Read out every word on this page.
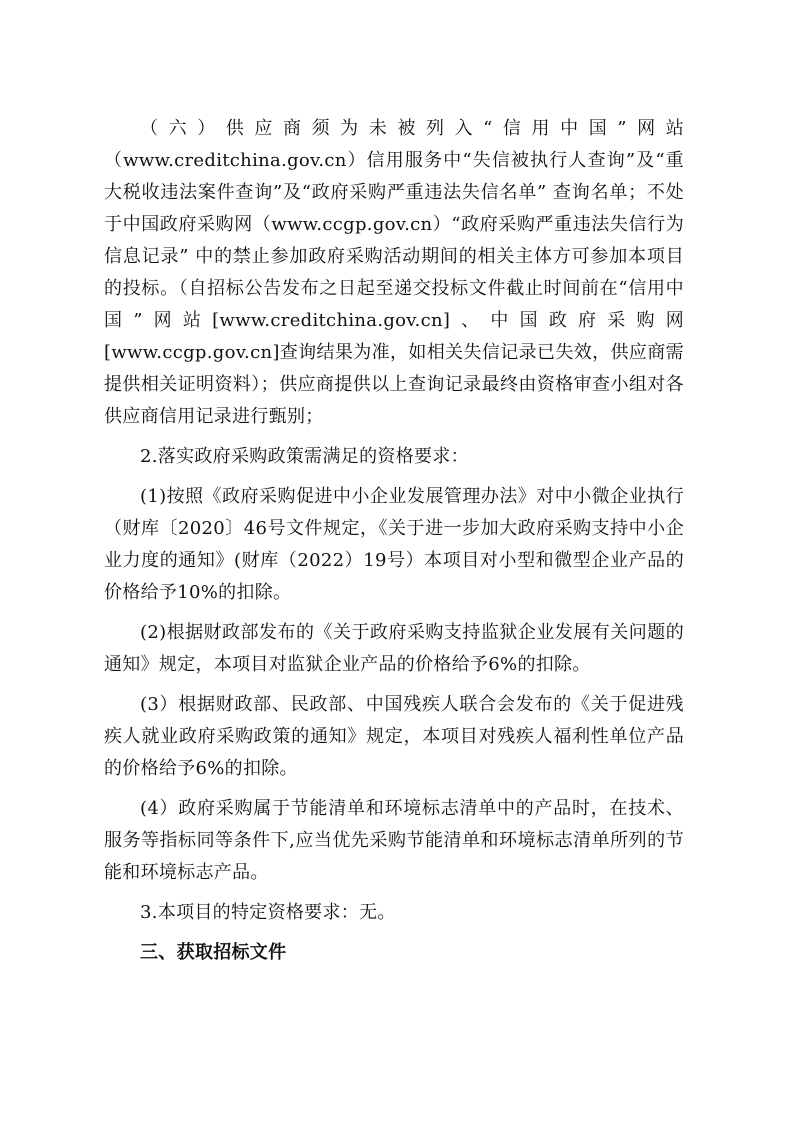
（六）供应商须为未被列入“信用中国”网站（www.creditchina.gov.cn）信用服务中“失信被执行人查询”及“重大税收违法案件查询”及“政府采购严重违法失信名单” 查询名单；不处于中国政府采购网（www.ccgp.gov.cn）“政府采购严重违法失信行为信息记录” 中的禁止参加政府采购活动期间的相关主体方可参加本项目的投标。（自招标公告发布之日起至递交投标文件截止时间前在“信用中国”网站[www.creditchina.gov.cn]、中国政府采购网[www.ccgp.gov.cn]查询结果为准，如相关失信记录已失效，供应商需提供相关证明资料）；供应商提供以上查询记录最终由资格审查小组对各供应商信用记录进行甄别；

2.落实政府采购政策需满足的资格要求：

(1)按照《政府采购促进中小企业发展管理办法》对中小微企业执行（财库〔2020〕46号文件规定，《关于进一步加大政府采购支持中小企业力度的通知》(财库（2022）19号）本项目对小型和微型企业产品的价格给予10%的扣除。

(2)根据财政部发布的《关于政府采购支持监狱企业发展有关问题的通知》规定，本项目对监狱企业产品的价格给予6%的扣除。

(3）根据财政部、民政部、中国残疾人联合会发布的《关于促进残疾人就业政府采购政策的通知》规定，本项目对残疾人福利性单位产品的价格给予6%的扣除。

(4）政府采购属于节能清单和环境标志清单中的产品时，在技术、服务等指标同等条件下,应当优先采购节能清单和环境标志清单所列的节能和环境标志产品。

3.本项目的特定资格要求：无。

三、获取招标文件
